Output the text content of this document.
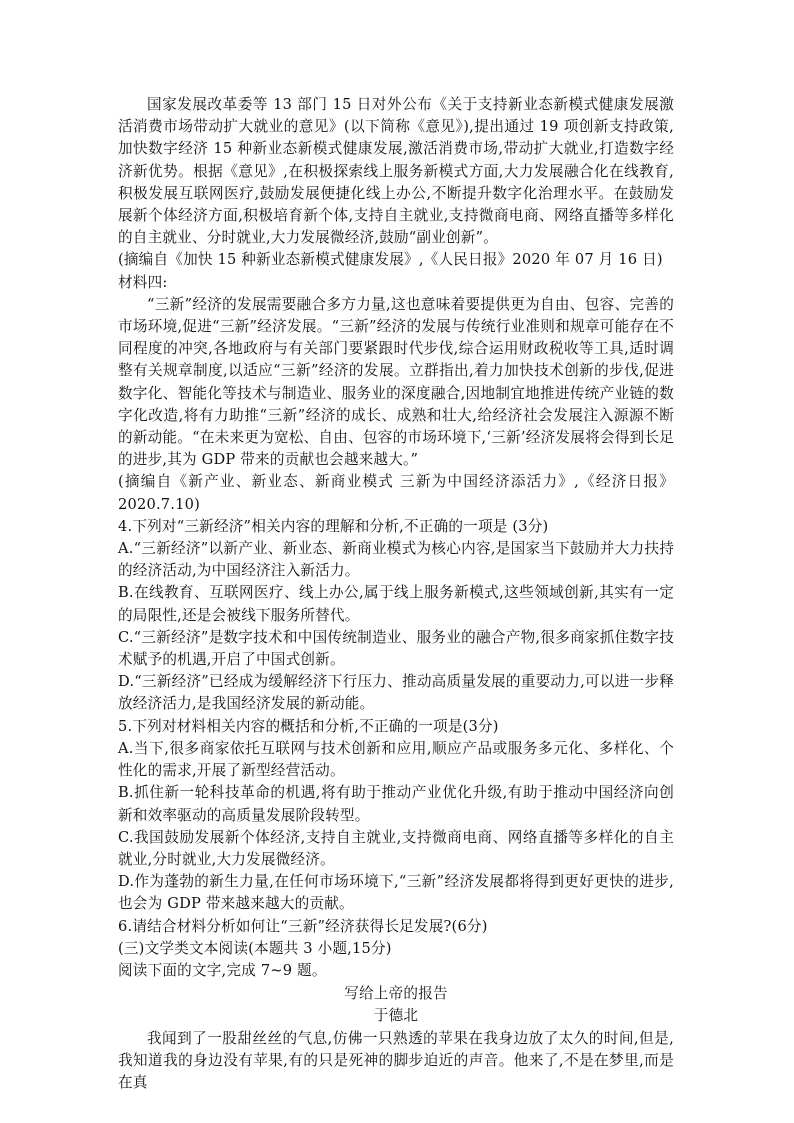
国家发展改革委等 13 部门 15 日对外公布《关于支持新业态新模式健康发展激活消费市场带动扩大就业的意见》(以下简称《意见》),提出通过 19 项创新支持政策,加快数字经济 15 种新业态新模式健康发展,激活消费市场,带动扩大就业,打造数字经济新优势。根据《意见》,在积极探索线上服务新模式方面,大力发展融合化在线教育,积极发展互联网医疗,鼓励发展便捷化线上办公,不断提升数字化治理水平。在鼓励发展新个体经济方面,积极培育新个体,支持自主就业,支持微商电商、网络直播等多样化的自主就业、分时就业,大力发展微经济,鼓励“副业创新”。

(摘编自《加快 15 种新业态新模式健康发展》,《人民日报》2020 年 07 月 16 日)

材料四:

“三新”经济的发展需要融合多方力量,这也意味着要提供更为自由、包容、完善的市场环境,促进“三新”经济发展。“三新”经济的发展与传统行业准则和规章可能存在不同程度的冲突,各地政府与有关部门要紧跟时代步伐,综合运用财政税收等工具,适时调整有关规章制度,以适应“三新”经济的发展。立群指出,着力加快技术创新的步伐,促进数字化、智能化等技术与制造业、服务业的深度融合,因地制宜地推进传统产业链的数字化改造,将有力助推“三新”经济的成长、成熟和壮大,给经济社会发展注入源源不断的新动能。“在未来更为宽松、自由、包容的市场环境下,‘三新’经济发展将会得到长足的进步,其为 GDP 带来的贡献也会越来越大。”

(摘编自《新产业、新业态、新商业模式 三新为中国经济添活力》,《经济日报》2020.7.10)

4.下列对“三新经济”相关内容的理解和分析,不正确的一项是 (3分)

A.“三新经济”以新产业、新业态、新商业模式为核心内容,是国家当下鼓励并大力扶持的经济活动,为中国经济注入新活力。

B.在线教育、互联网医疗、线上办公,属于线上服务新模式,这些领域创新,其实有一定的局限性,还是会被线下服务所替代。

C.“三新经济”是数字技术和中国传统制造业、服务业的融合产物,很多商家抓住数字技术赋予的机遇,开启了中国式创新。

D.“三新经济”已经成为缓解经济下行压力、推动高质量发展的重要动力,可以进一步释放经济活力,是我国经济发展的新动能。

5.下列对材料相关内容的概括和分析,不正确的一项是(3分)

A.当下,很多商家依托互联网与技术创新和应用,顺应产品或服务多元化、多样化、个性化的需求,开展了新型经营活动。

B.抓住新一轮科技革命的机遇,将有助于推动产业优化升级,有助于推动中国经济向创新和效率驱动的高质量发展阶段转型。

C.我国鼓励发展新个体经济,支持自主就业,支持微商电商、网络直播等多样化的自主就业,分时就业,大力发展微经济。

D.作为蓬勃的新生力量,在任何市场环境下,“三新”经济发展都将得到更好更快的进步,也会为 GDP 带来越来越大的贡献。

6.请结合材料分析如何让“三新”经济获得长足发展?(6分)

(三)文学类文本阅读(本题共 3 小题,15分)

阅读下面的文字,完成 7~9 题。

写给上帝的报告

于德北

我闻到了一股甜丝丝的气息,仿佛一只熟透的苹果在我身边放了太久的时间,但是,我知道我的身边没有苹果,有的只是死神的脚步迫近的声音。他来了,不是在梦里,而是在真
